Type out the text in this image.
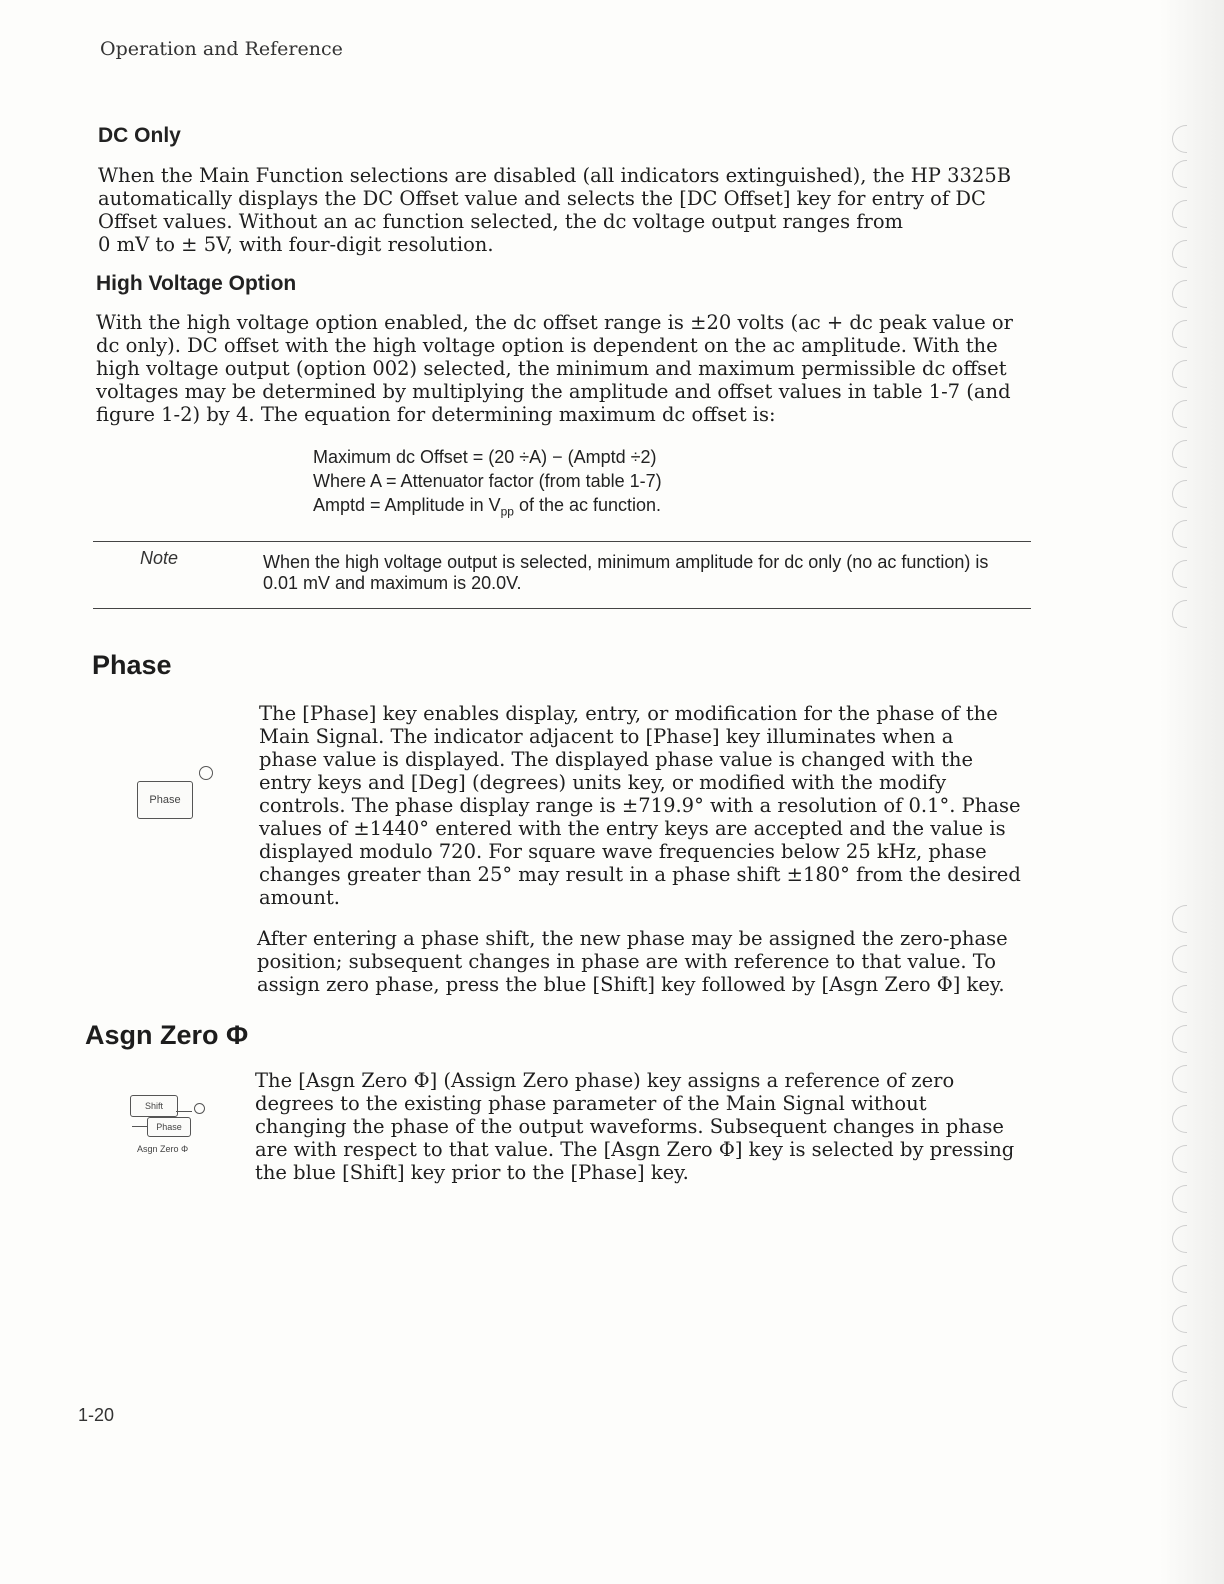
Operation and Reference
DC Only
When the Main Function selections are disabled (all indicators extinguished), the HP 3325B
automatically displays the DC Offset value and selects the [DC Offset] key for entry of DC
Offset values. Without an ac function selected, the dc voltage output ranges from
0 mV to ± 5V, with four-digit resolution.
High Voltage Option
With the high voltage option enabled, the dc offset range is ±20 volts (ac + dc peak value or
dc only). DC offset with the high voltage option is dependent on the ac amplitude. With the
high voltage output (option 002) selected, the minimum and maximum permissible dc offset
voltages may be determined by multiplying the amplitude and offset values in table 1-7 (and
figure 1-2) by 4. The equation for determining maximum dc offset is:
Maximum dc Offset = (20 ÷A) − (Amptd ÷2)
Where A = Attenuator factor (from table 1-7)
Amptd = Amplitude in $V_{pp}$ of the ac function.
Note	When the high voltage output is selected, minimum amplitude for dc only (no ac function) is 0.01 mV and maximum is 20.0V.
Phase
Phase
The [Phase] key enables display, entry, or modification for the phase of the
Main Signal. The indicator adjacent to [Phase] key illuminates when a
phase value is displayed. The displayed phase value is changed with the
entry keys and [Deg] (degrees) units key, or modified with the modify
controls. The phase display range is ±719.9° with a resolution of 0.1°. Phase
values of ±1440° entered with the entry keys are accepted and the value is
displayed modulo 720. For square wave frequencies below 25 kHz, phase
changes greater than 25° may result in a phase shift ±180° from the desired
amount.
After entering a phase shift, the new phase may be assigned the zero-phase
position; subsequent changes in phase are with reference to that value. To
assign zero phase, press the blue [Shift] key followed by [Asgn Zero Φ] key.
Asgn Zero Φ
Shift
Phase
Asgn Zero Φ
The [Asgn Zero Φ] (Assign Zero phase) key assigns a reference of zero
degrees to the existing phase parameter of the Main Signal without
changing the phase of the output waveforms. Subsequent changes in phase
are with respect to that value. The [Asgn Zero Φ] key is selected by pressing
the blue [Shift] key prior to the [Phase] key.
1-20
